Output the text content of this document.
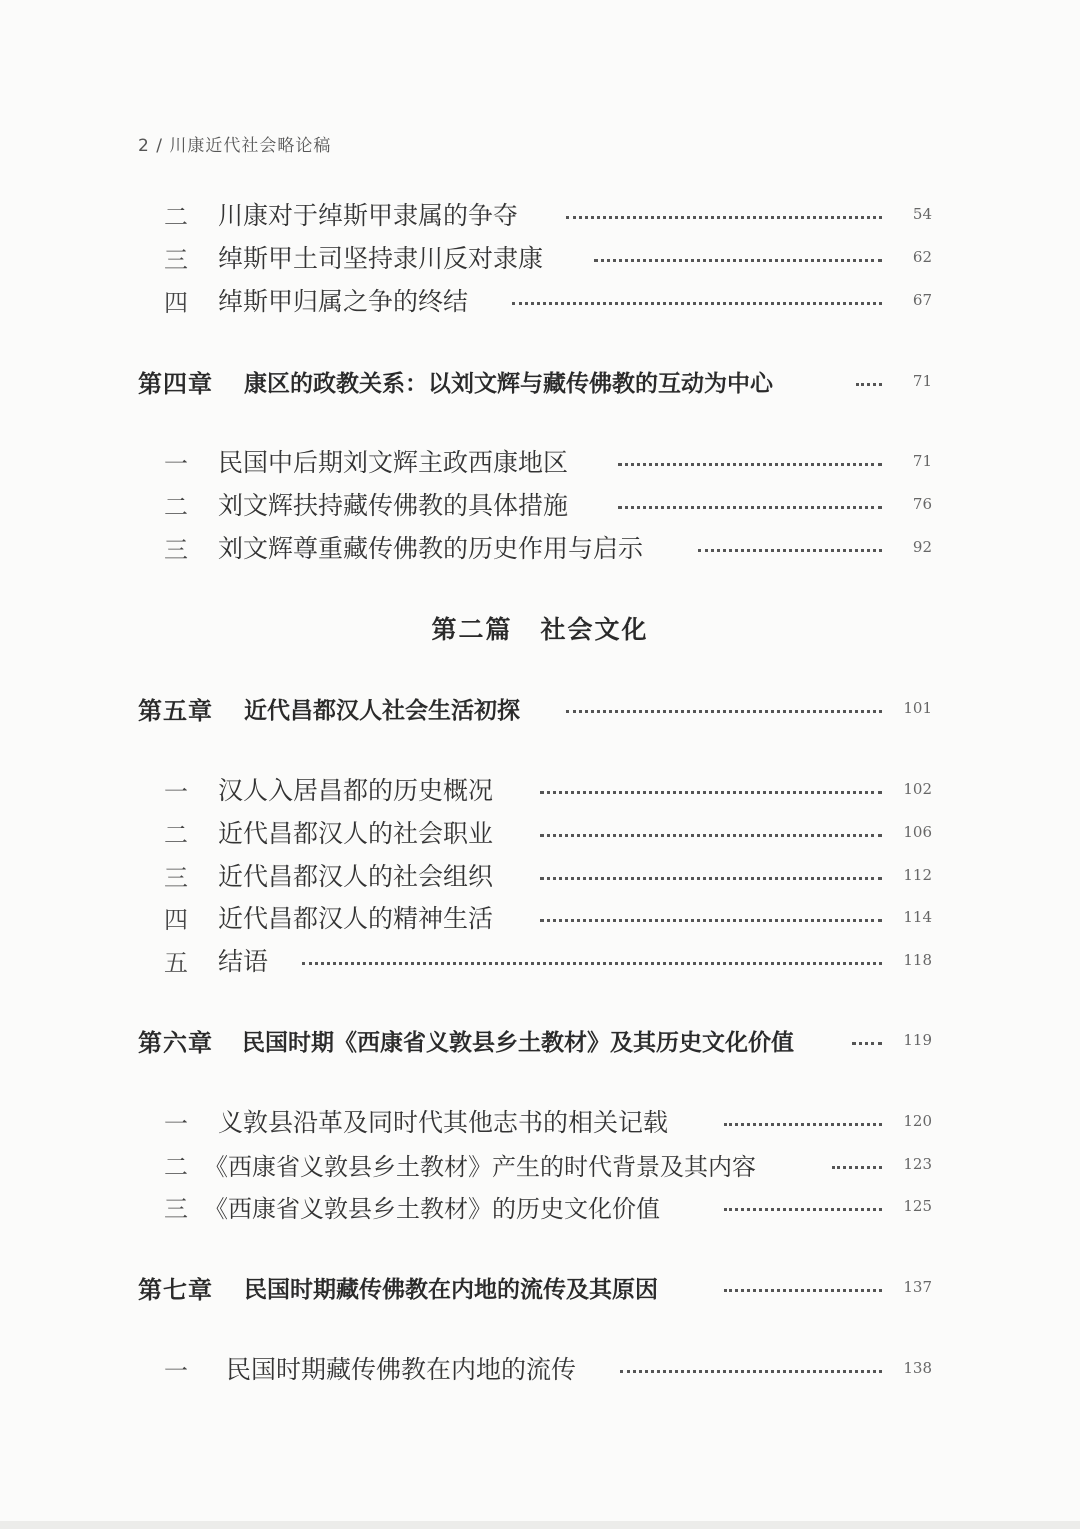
2 / 川康近代社会略论稿
二	川康对于绰斯甲隶属的争夺	54
三	绰斯甲土司坚持隶川反对隶康	62
四	绰斯甲归属之争的终结	67
第四章 康区的政教关系：以刘文辉与藏传佛教的互动为中心	71
一	民国中后期刘文辉主政西康地区	71
二	刘文辉扶持藏传佛教的具体措施	76
三	刘文辉尊重藏传佛教的历史作用与启示	92
第二篇 社会文化
第五章 近代昌都汉人社会生活初探	101
一	汉人入居昌都的历史概况	102
二	近代昌都汉人的社会职业	106
三	近代昌都汉人的社会组织	112
四	近代昌都汉人的精神生活	114
五	结语	118
第六章 民国时期《西康省义敦县乡土教材》及其历史文化价值	119
一	义敦县沿革及同时代其他志书的相关记载	120
二 《西康省义敦县乡土教材》产生的时代背景及其内容	123
三 《西康省义敦县乡土教材》的历史文化价值	125
第七章 民国时期藏传佛教在内地的流传及其原因	137
一	民国时期藏传佛教在内地的流传	138
